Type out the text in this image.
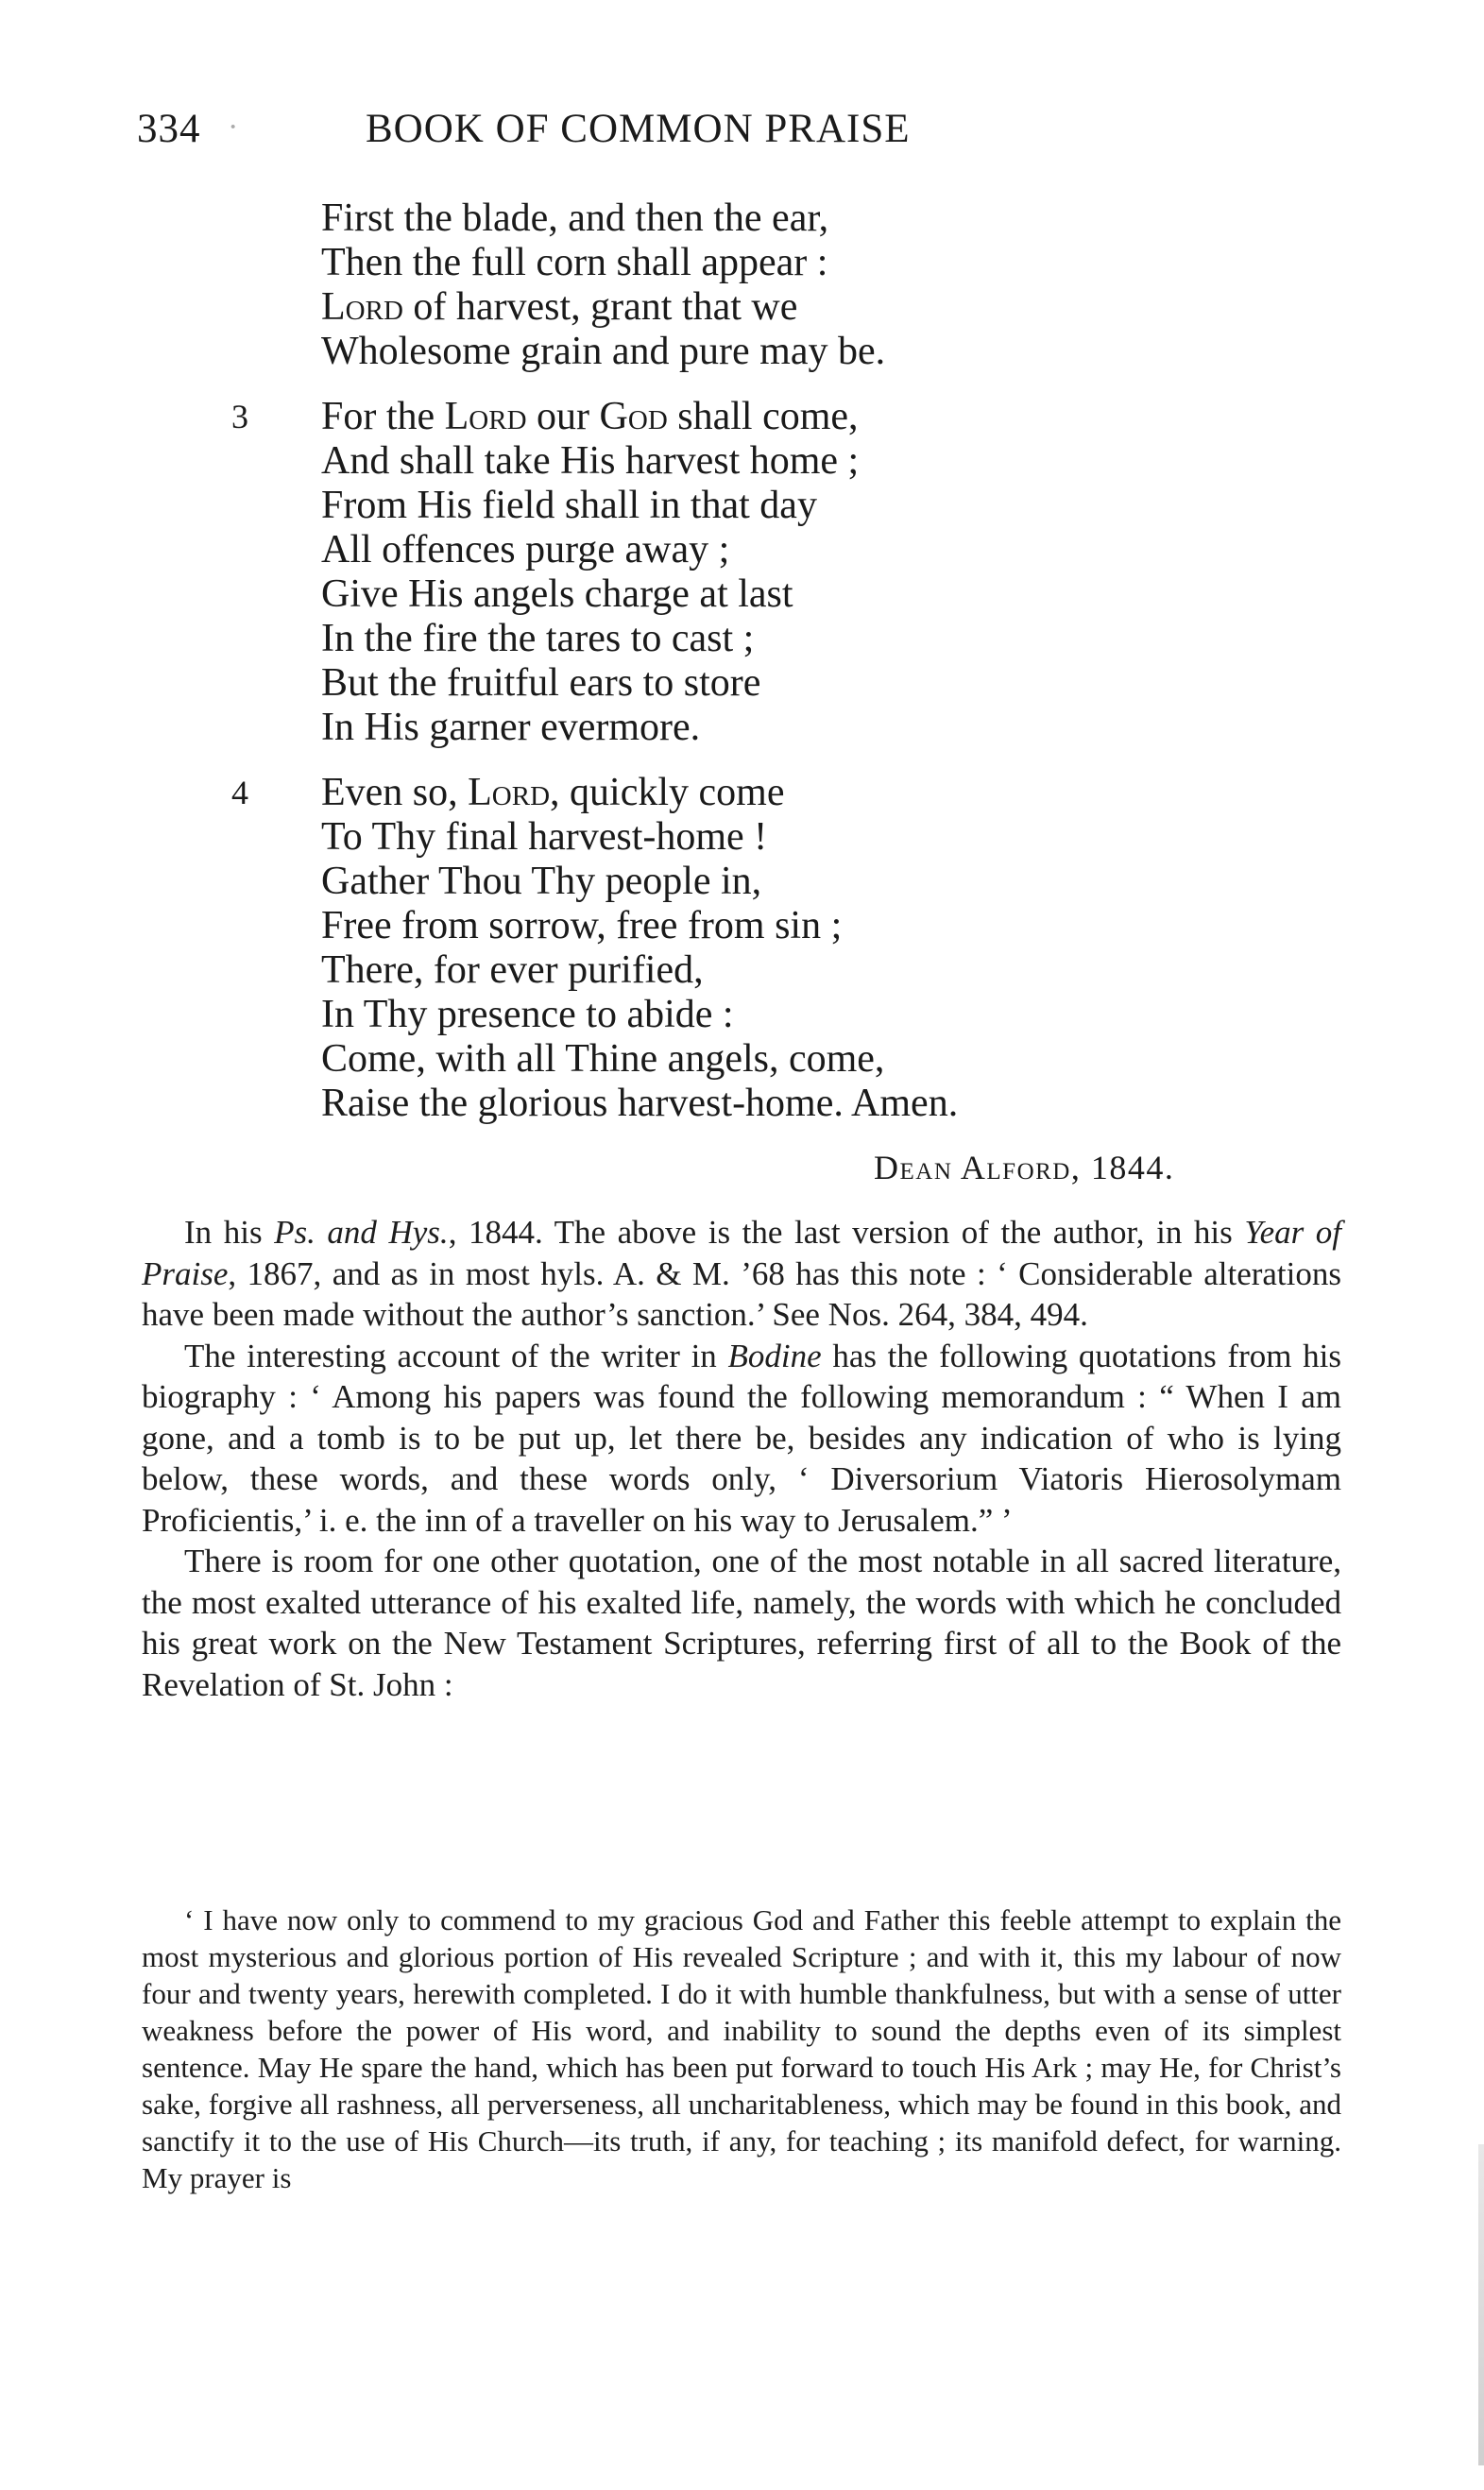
334 ·	BOOK OF COMMON PRAISE
First the blade, and then the ear,
Then the full corn shall appear :
Lord of harvest, grant that we
Wholesome grain and pure may be.
3	For the Lord our God shall come,
And shall take His harvest home ;
From His field shall in that day
All offences purge away ;
Give His angels charge at last
In the fire the tares to cast ;
But the fruitful ears to store
In His garner evermore.
4	Even so, Lord, quickly come
To Thy final harvest-home !
Gather Thou Thy people in,
Free from sorrow, free from sin ;
There, for ever purified,
In Thy presence to abide :
Come, with all Thine angels, come,
Raise the glorious harvest-home. Amen.
Dean Alford, 1844.

In his Ps. and Hys., 1844. The above is the last version of the author, in his Year of Praise, 1867, and as in most hyls. A. & M. ’68 has this note : ‘ Considerable alterations have been made without the author’s sanction.’ See Nos. 264, 384, 494.

The interesting account of the writer in Bodine has the following quotations from his biography : ‘ Among his papers was found the following memorandum : “ When I am gone, and a tomb is to be put up, let there be, besides any indication of who is lying below, these words, and these words only, ‘ Diversorium Viatoris Hierosolymam Proficientis,’ i. e. the inn of a traveller on his way to Jerusalem.” ’

There is room for one other quotation, one of the most notable in all sacred literature, the most exalted utterance of his exalted life, namely, the words with which he concluded his great work on the New Testament Scriptures, referring first of all to the Book of the Revelation of St. John :

‘ I have now only to commend to my gracious God and Father this feeble attempt to explain the most mysterious and glorious portion of His revealed Scripture ; and with it, this my labour of now four and twenty years, herewith completed. I do it with humble thankfulness, but with a sense of utter weakness before the power of His word, and inability to sound the depths even of its simplest sentence. May He spare the hand, which has been put forward to touch His Ark ; may He, for Christ’s sake, forgive all rashness, all perverseness, all uncharitableness, which may be found in this book, and sanctify it to the use of His Church—its truth, if any, for teaching ; its manifold defect, for warning. My prayer is
